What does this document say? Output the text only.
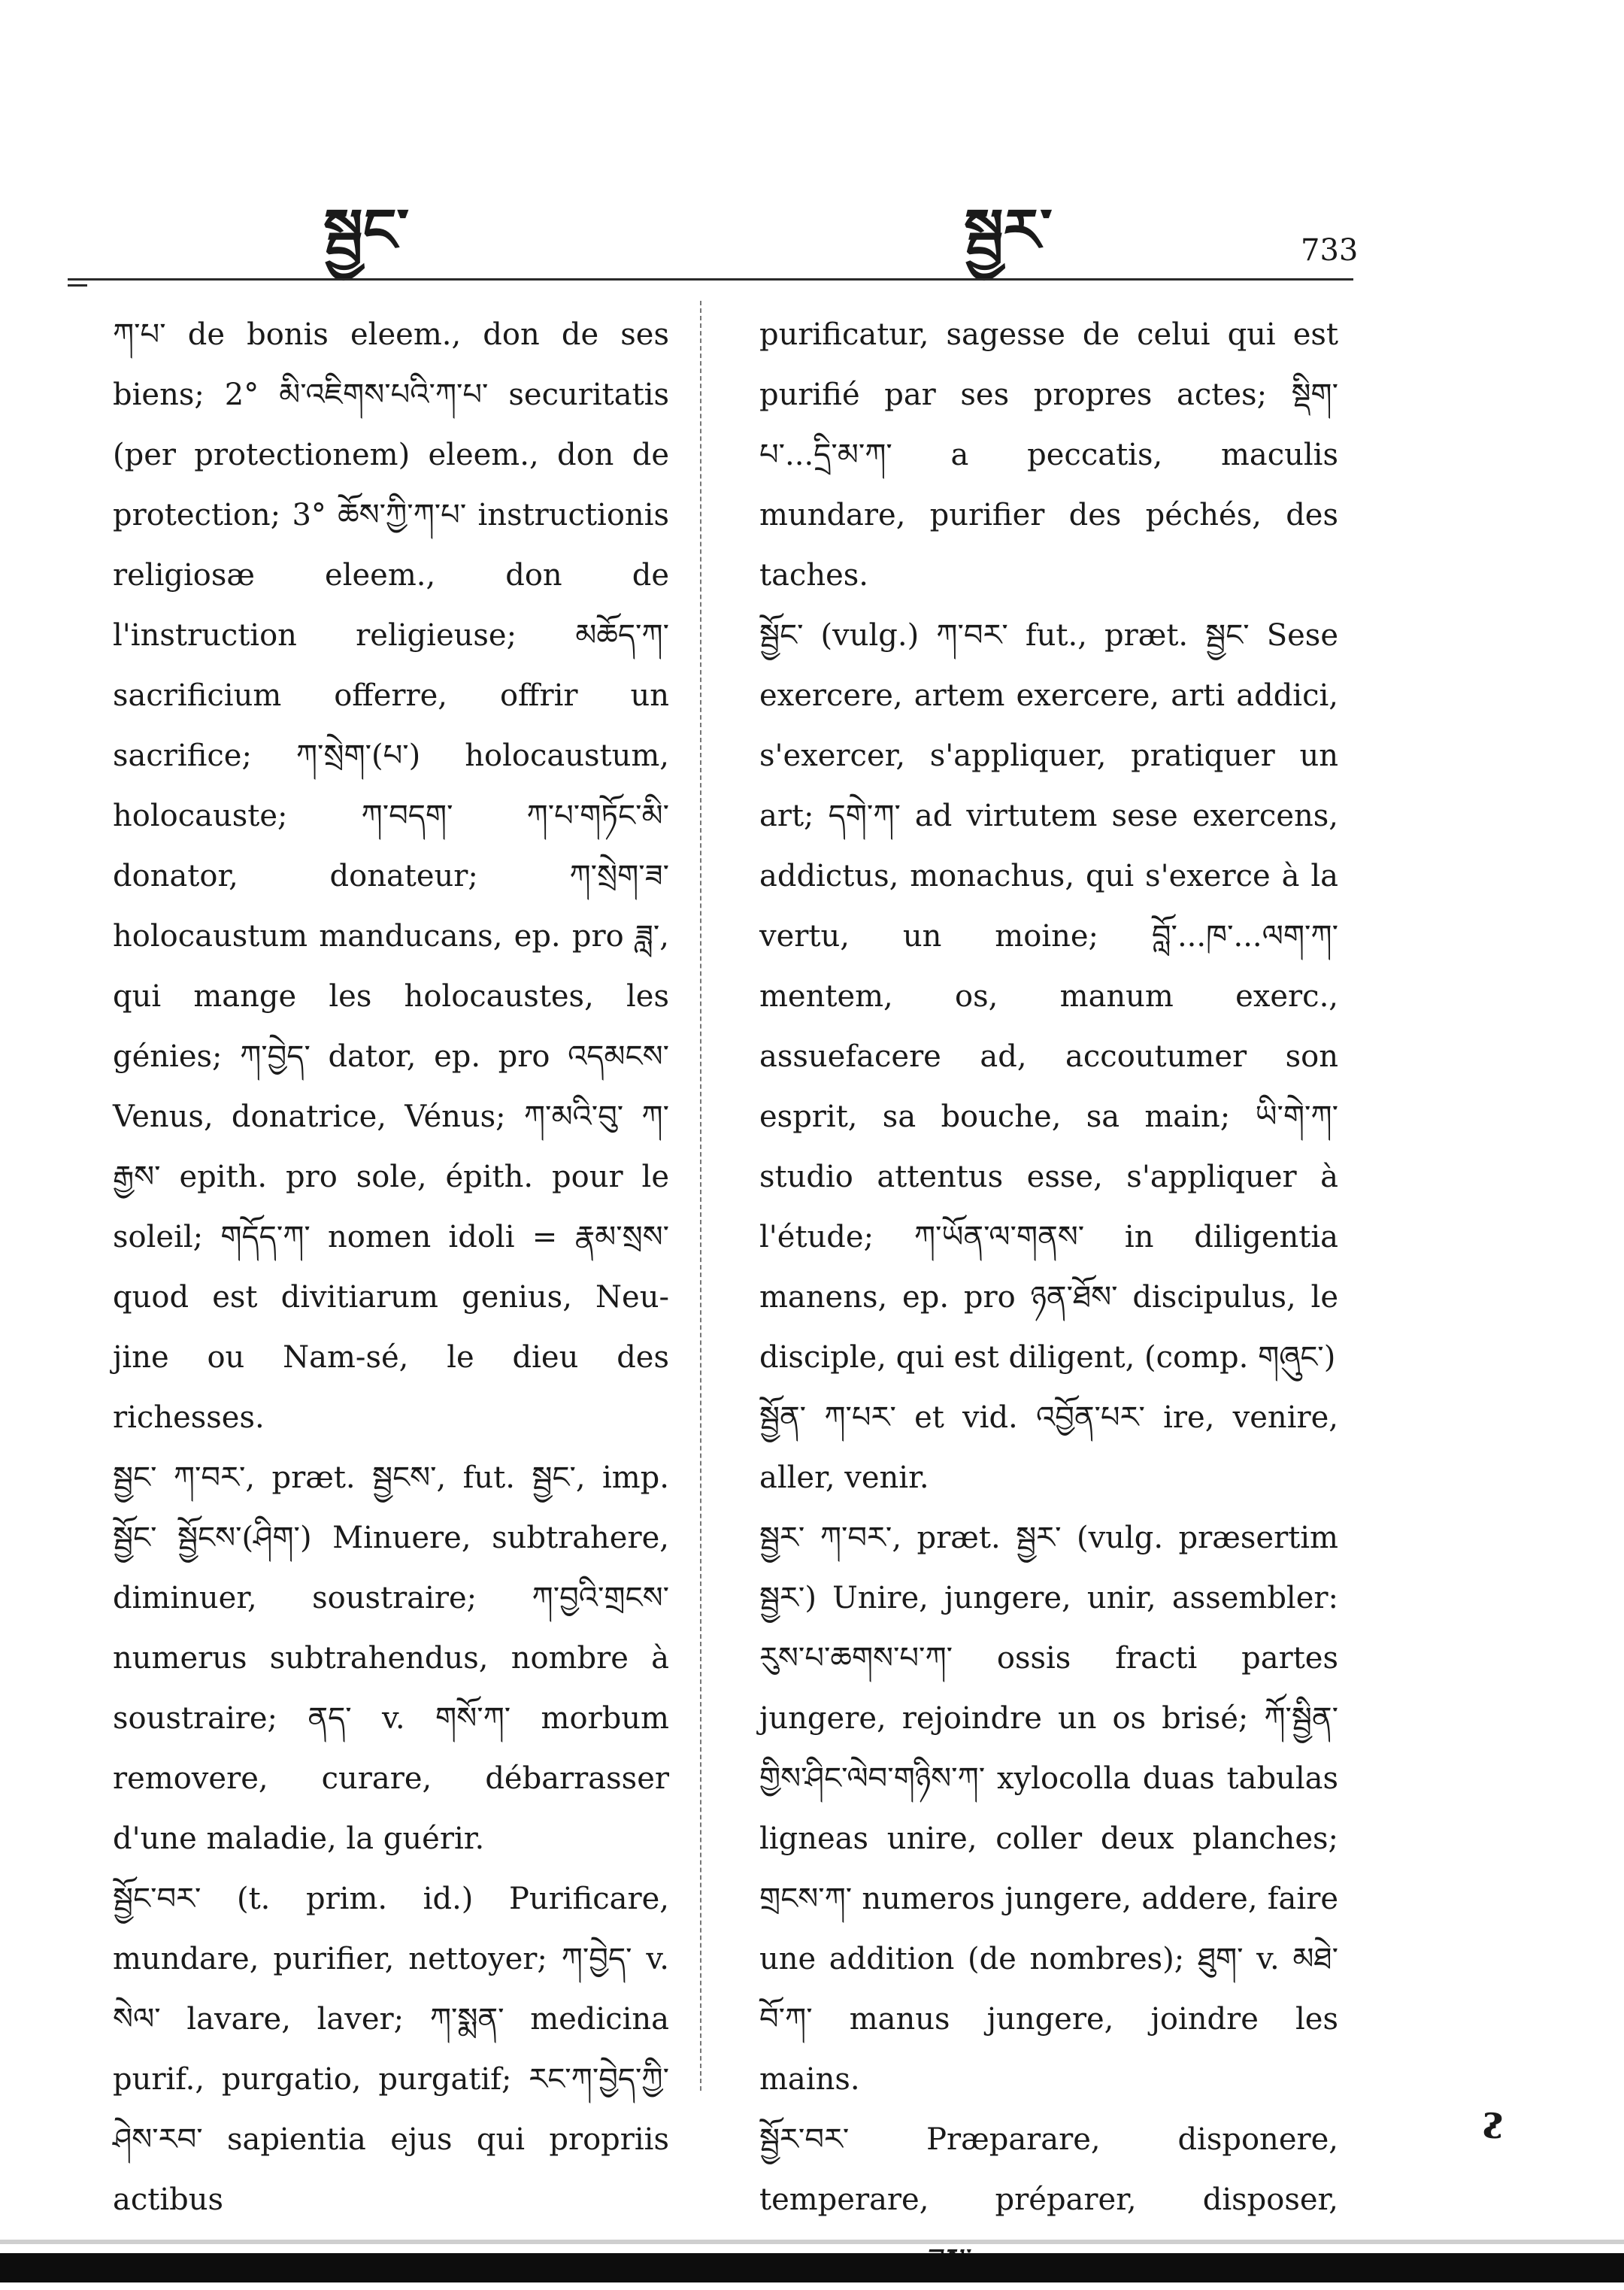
སྦྱང་	སྦྱར་	733

ཀ་པ་ de bonis eleem., don de ses biens; 2° མི་འཇིགས་པའི་ཀ་པ་ securitatis (per protectionem) eleem., don de protection; 3° ཆོས་ཀྱི་ཀ་པ་ instructionis religiosæ eleem., don de l'instruction religieuse; མཆོད་ཀ་ sacrificium offerre, offrir un sacrifice; ཀ་སྲེག་(པ་) holocaustum, holocauste; ཀ་བདག་ ཀ་པ་གཏོང་མི་ donator, donateur; ཀ་སྲེག་ཟ་ holocaustum manducans, ep. pro ཟླ་, qui mange les holocaustes, les génies; ཀ་བྱེད་ dator, ep. pro འདམངས་ Venus, donatrice, Vénus; ཀ་མའི་བུ་ ཀ་རྒྱས་ epith. pro sole, épith. pour le soleil; གདོད་ཀ་ nomen idoli = རྣམ་སྲས་ quod est divitiarum genius, Neu-jine ou Nam-sé, le dieu des richesses.

སྦྱང་ ཀ་བར་, præt. སྦྱངས་, fut. སྦྱང་, imp. སྦྱོང་ སྦྱོངས་(ཤིག་) Minuere, subtrahere, diminuer, soustraire; ཀ་བྱའི་གྲངས་ numerus subtrahendus, nombre à soustraire; ནད་ v. གསོ་ཀ་ morbum removere, curare, débarrasser d'une maladie, la guérir.

སྦྱོང་བར་ (t. prim. id.) Purificare, mundare, purifier, nettoyer; ཀ་བྱེད་ v. སེལ་ lavare, laver; ཀ་སྨན་ medicina purif., purgatio, purgatif; རང་ཀ་བྱེད་ཀྱི་ཤེས་རབ་ sapientia ejus qui propriis actibus

purificatur, sagesse de celui qui est purifié par ses propres actes; སྡིག་པ་...དྲི་མ་ཀ་ a peccatis, maculis mundare, purifier des péchés, des taches.

སྦྱོང་ (vulg.) ཀ་བར་ fut., præt. སྦྱང་ Sese exercere, artem exercere, arti addici, s'exercer, s'appliquer, pratiquer un art; དགེ་ཀ་ ad virtutem sese exercens, addictus, monachus, qui s'exerce à la vertu, un moine; བློ་...ཁ་...ལག་ཀ་ mentem, os, manum exerc., assuefacere ad, accoutumer son esprit, sa bouche, sa main; ཡི་གེ་ཀ་ studio attentus esse, s'appliquer à l'étude; ཀ་ཡོན་ལ་གནས་ in diligentia manens, ep. pro ཉན་ཐོས་ discipulus, le disciple, qui est diligent, (comp. གཞུང་)

སྦྱོན་ ཀ་པར་ et vid. འབྱོན་པར་ ire, venire, aller, venir.

སྦྱར་ ཀ་བར་, præt. སྦྱར་ (vulg. præsertim སྦྱར་) Unire, jungere, unir, assembler: རུས་པ་ཆགས་པ་ཀ་ ossis fracti partes jungere, rejoindre un os brisé; ཀོ་སྦྱིན་གྱིས་ཤིང་ལེབ་གཉིས་ཀ་ xylocolla duas tabulas ligneas unire, coller deux planches; གྲངས་ཀ་ numeros jungere, addere, faire une addition (de nombres); ཐུག་ v. མཐེ་བོ་ཀ་ manus jungere, joindre les mains.

སྦྱོར་བར་ Præparare, disponere, temperare, préparer, disposer,

ᴤ
